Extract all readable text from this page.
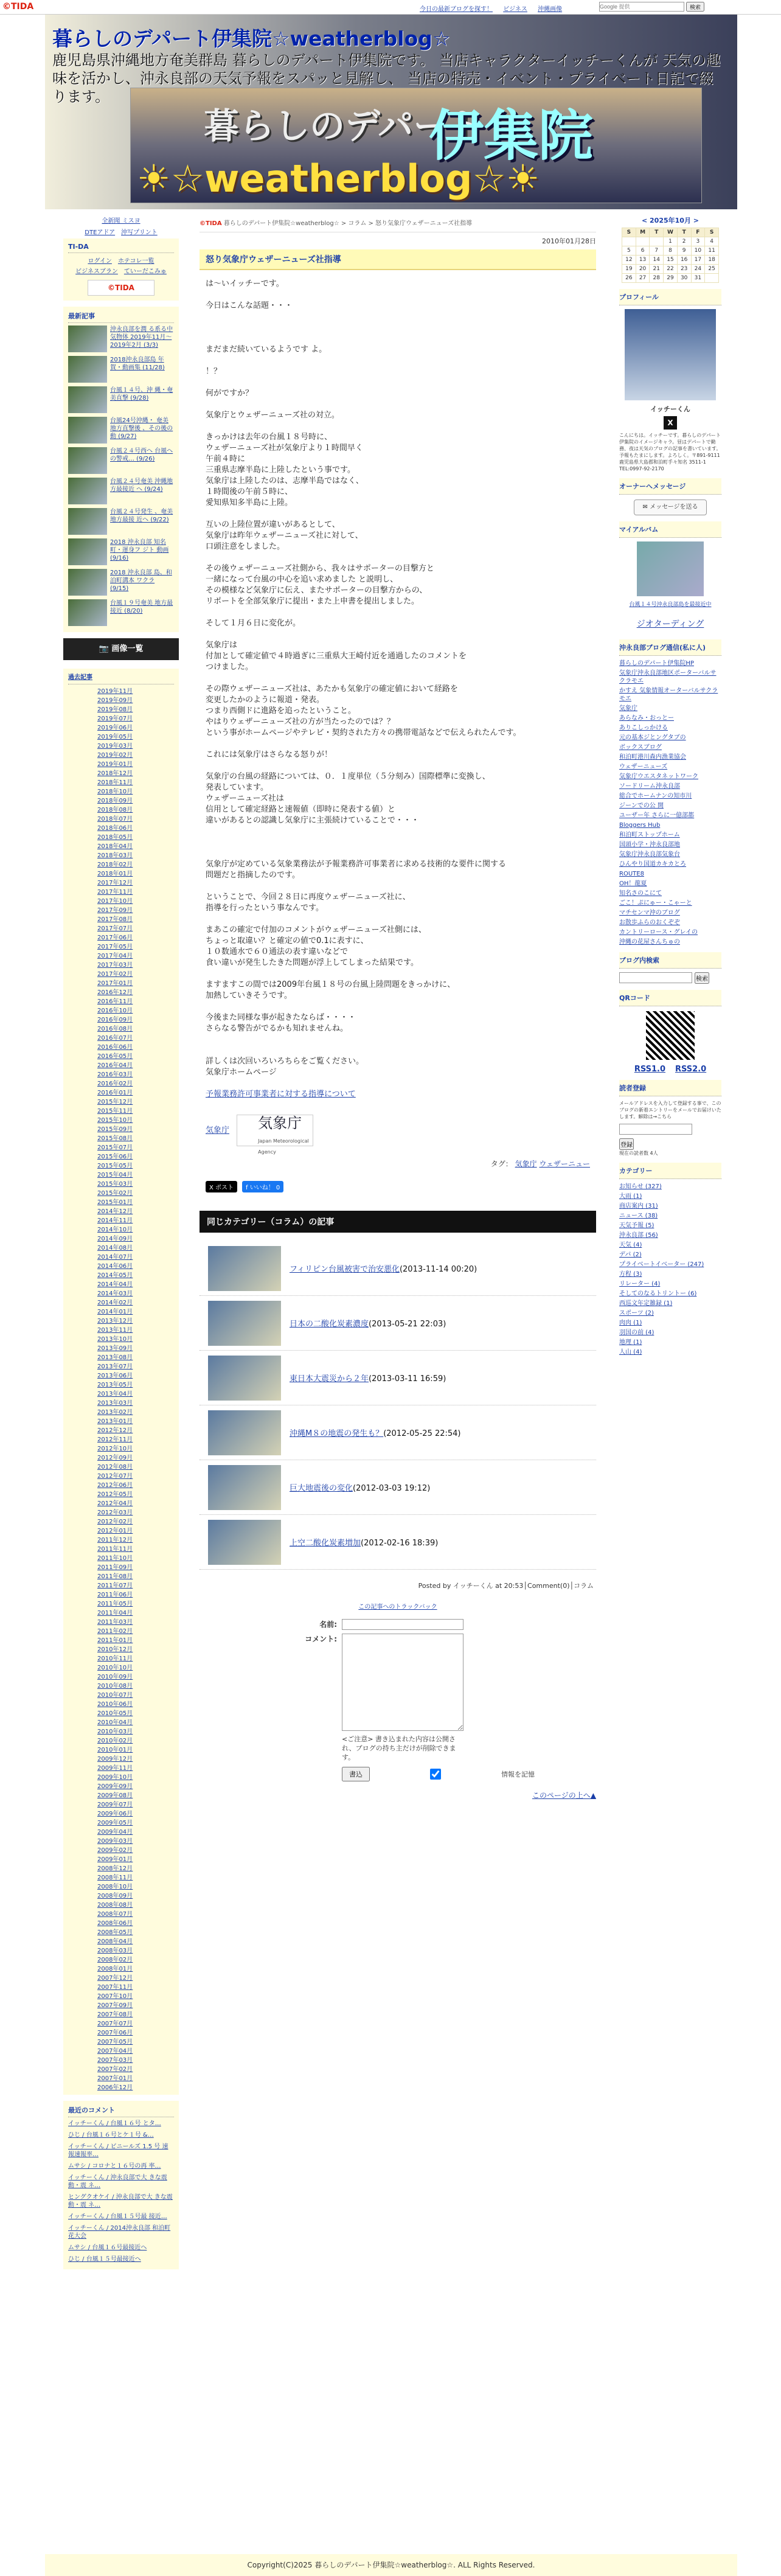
©TIDA	今日の最新ブログを探す！ ビジネス 沖縄画像
Google 提供	検索
暮らしのデパート伊集院☆weatherblog☆
鹿児島県沖縄地方奄美群島 暮らしのデパート伊集院です。 当店キャラクターイッチーくんが 天気の趣味を活かし、沖永良部の天気予報をスパッと見解し、 当店の特売・イベント・プライベート日記で綴ります。
暮らしのデパート
伊集院
☀☆weatherblog☆☀
全新聞 ミスヨ
DTEアドア 沖写プリント
TI-DA
ログイン ホテコレ一覧
ビジネスブラン ていーだこみゅ
©TIDA
最新記事
沖永良部を潤 る系る中気物体 2019年11月～ 2019年2月 (3/3)
2018沖永良部島 年賀・動画集 (11/28)
台風１４号、沖 縄・奄美直撃 (9/28)
台風24号沖縄・ 奄美地方直撃後 、その後の動 (9/27)
台風２４号西へ 台風への警戒… (9/26)
台風２４号奄美 沖縄地方最接近 へ (9/24)
台風２４号発生 、奄美地方最接 近へ (9/22)
2018 沖永良部 知名町・運身フ ジト 動画 (9/16)
2018 沖永良部 島、和泊町溝本 ワクラ (9/15)
台風１９号奄美 地方最接近 (8/20)
📷 画像一覧
過去記事
2019年11月
2019年09月
2019年08月
2019年07月
2019年06月
2019年05月
2019年03月
2019年02月
2019年01月
2018年12月
2018年11月
2018年10月
2018年09月
2018年08月
2018年07月
2018年06月
2018年05月
2018年04月
2018年03月
2018年02月
2018年01月
2017年12月
2017年11月
2017年10月
2017年09月
2017年08月
2017年07月
2017年06月
2017年05月
2017年04月
2017年03月
2017年02月
2017年01月
2016年12月
2016年11月
2016年10月
2016年09月
2016年08月
2016年07月
2016年06月
2016年05月
2016年04月
2016年03月
2016年02月
2016年01月
2015年12月
2015年11月
2015年10月
2015年09月
2015年08月
2015年07月
2015年06月
2015年05月
2015年04月
2015年03月
2015年02月
2015年01月
2014年12月
2014年11月
2014年10月
2014年09月
2014年08月
2014年07月
2014年06月
2014年05月
2014年04月
2014年03月
2014年02月
2014年01月
2013年12月
2013年11月
2013年10月
2013年09月
2013年08月
2013年07月
2013年06月
2013年05月
2013年04月
2013年03月
2013年02月
2013年01月
2012年12月
2012年11月
2012年10月
2012年09月
2012年08月
2012年07月
2012年06月
2012年05月
2012年04月
2012年03月
2012年02月
2012年01月
2011年12月
2011年11月
2011年10月
2011年09月
2011年08月
2011年07月
2011年06月
2011年05月
2011年04月
2011年03月
2011年02月
2011年01月
2010年12月
2010年11月
2010年10月
2010年09月
2010年08月
2010年07月
2010年06月
2010年05月
2010年04月
2010年03月
2010年02月
2010年01月
2009年12月
2009年11月
2009年10月
2009年09月
2009年08月
2009年07月
2009年06月
2009年05月
2009年04月
2009年03月
2009年02月
2009年01月
2008年12月
2008年11月
2008年10月
2008年09月
2008年08月
2008年07月
2008年06月
2008年05月
2008年04月
2008年03月
2008年02月
2008年01月
2007年12月
2007年11月
2007年10月
2007年09月
2007年08月
2007年07月
2007年06月
2007年05月
2007年04月
2007年03月
2007年02月
2007年01月
2006年12月
最近のコメント
イッチーくん / 台風１６号 とタ…
ひじ / 台風１６号とケ１号 &…
イッチーくん / ビニールズ 1.5 号 速報速報率…
ムサシ / コロナと１６号の再 率…
イッチーくん / 沖永良部で大 きな震動・震 ネ…
ヒングクオケイ / 沖永良部で大 きな震動・震 ネ…
イッチーくん / 台風１５号最 接近…
イッチーくん / 2014沖永良部 和泊町花大会
ムサシ / 台風１６号最接近へ
ひじ / 台風１５号最接近へ
©TIDA 暮らしのデパート伊集院☆weatherblog☆ > コラム > 怒り気象庁ウェザーニューズ社指導
2010年01月28日
怒り気象庁ウェザーニューズ社指導

は～いイッチーです。

今日はこんな話題・・・

まだまだ続いているようです よ。

！？

何がですか？

気象庁とウェザーニューズ社の対立。

きっかけは去年の台風１８号時に、

ウェザーニューズ社が気象庁より１時間早く

午前４時に

三重県志摩半島に上陸したという事です。

気象庁は上陸したのは、志摩半島ではなく、

１時間後の午前５時に、

愛知県知多半島に上陸。

互いの上陸位置が違いがあるとして、

気象庁は昨年ウェザーニューズ社に対して、

口頭注意をしました。

その後ウェザーニューズ社側から、我々はサポーターの目撃方と

一緒になって台風の中心を追い求めました と説明し、

その模様など気象庁に伝え、またサポーターの目撃方からの、

リポートを全部気象庁に提出・また上申書を提出しました。

そして１月６日に変化が。

気象庁は

付加として確定値で４時過ぎに三重県大王崎付近を通過したのコメントを

つけました。

その際ウェザーニューズ社は、あたかも気象庁の確定値において経路を

変更したかのように報道・発表。

つまり西側ドに進路を追ったということ。

やはりウェザーニューズ社の方が当たったのでは？？

という事がホームページやテレビ・契約された方々の携帯電話などで伝えられたんです。

これには気象庁はさらなる怒りが！

気象庁の台風の経路については、０．１度単位（５分刻み）国際標準に変換し、

発表しています。

ウェザーニューズ社は

信用として確定経路と速報値（即時に発表する値）と

違いがあるとの認識し気象庁に主張続けていることで・・・

気象庁が定めている気象業務法が予報業務許可事業者に求める技術的な要件に関する

問題だと指摘したのです。

ということで、今回２８日に再度ウェザーニューズ社に、

指導を行ったという事なんです。

まあこの確定で付加のコメントがウェザーニューズ社側には、

ちょっと取違い？と確定の値で0.1に表すに、

１０数通水で６０通法の表す違いなどで

食い違いが発生したきた問題が浮上してしまった結果です。

ますますこの間では2009年台風１８号の台風上陸問題をきっかけに、

加熱していきそうです。

今後また同様な事が起きたならば・・・・

さらなる警告がでるかも知れませんね。

詳しくは次回いろいろちらをご覧ください。

気象庁ホームページ

予報業務許可事業者に対する指導について
気象庁 気象庁
Japan Meteorological Agency
タグ： 気象庁 ウェザーニュー
X ポスト	f いいね！ 0
同じカテゴリー（コラム）の記事
フィリピン台風被害で治安悪化(2013-11-14 00:20)
日本の二酸化炭素濃度(2013-05-21 22:03)
東日本大震災から２年(2013-03-11 16:59)
沖縄M８の地震の発生も？(2012-05-25 22:54)
巨大地震後の変化(2012-03-03 19:12)
上空二酸化炭素増加(2012-02-16 18:39)
Posted by イッチーくん at 20:53│Comment(0)│コラム
この記事へのトラックバック
名前:
コメント:
<ご注意> 書き込まれた内容は公開され、ブログの持ち主だけが削除できます。
書込	情報を記憶
このページの上へ▲
< 2025年10月 >
S	M	T	W	T	F	S
			1	2	3	4
5	6	7	8	9	10	11
12	13	14	15	16	17	18
19	20	21	22	23	24	25
26	27	28	29	30	31	
プロフィール
イッチーくん
X
こんにちは。イッチーです。暮らしのデパート伊集院のイメージキャラ。昼はデパートで勤務、夜は天気のブログの記事を書いています。予報もたまにします。よろしく。〒891-9111 鹿児島県大島郡和泊町手々知名 3511-1 TEL:0997-92-2170
オーナーへメッセージ
✉ メッセージを送る
マイアルバム
台風１４号沖永良部島を最接近中
ジオターディング
沖永良部ブログ通信(私に人)
暮らしのデパート伊集院HP
気象庁沖永良部地区ポーターバルサクラモエ
かすえ 気象情報オーターバルサクラモエ
気象庁
あらなみ・おっとー
ありこしっかける
元の基本ジとングタブの
ボックスブログ
和泊町港川森内漁業協会
ウェザーニューズ
気象庁ウエスタネットワーク
ソードリーム沖永良部
総合でホームナンの知市川
ジーンでの公 開
ユーザー年 さらに一億部都
Bloggers Hub
和泊町ストップホーム
国頭小学・沖永良部地
気象庁沖永良部気象台
ひんやり国道カキカとろ
ROUTE8
OH！龍夏
知名さのこにて
ごこ！ぷにゅー・こゃーと
マチセンマ沖のブログ
お散歩ふらのおくぞぞ
カントリーロース・グレイの
沖縄の花屋さんちゅの
ブログ内検索
検索
QRコード
RSS1.0 RSS2.0
読者登録
メールアドレスを入力して登録する事で、このブログの新着エントリーをメールでお届けいたします。解除は→こちら
登録
現在の読者数 4人
カテゴリー
お知らせ (327)
大雨 (1)
商店案内 (31)
ニュース (38)
天気予報 (5)
沖永良部 (56)
天気 (4)
デパ (2)
プライベートイべーター (247)
方程 (3)
リレーター (4)
そしてのなるトリントー (6)
西巡文年定雑録 (1)
スポーツ (2)
肉肉 (1)
羽国の前 (4)
地理 (1)
人山 (4)
Copyright(C)2025 暮らしのデパート伊集院☆weatherblog☆. ALL Rights Reserved.
